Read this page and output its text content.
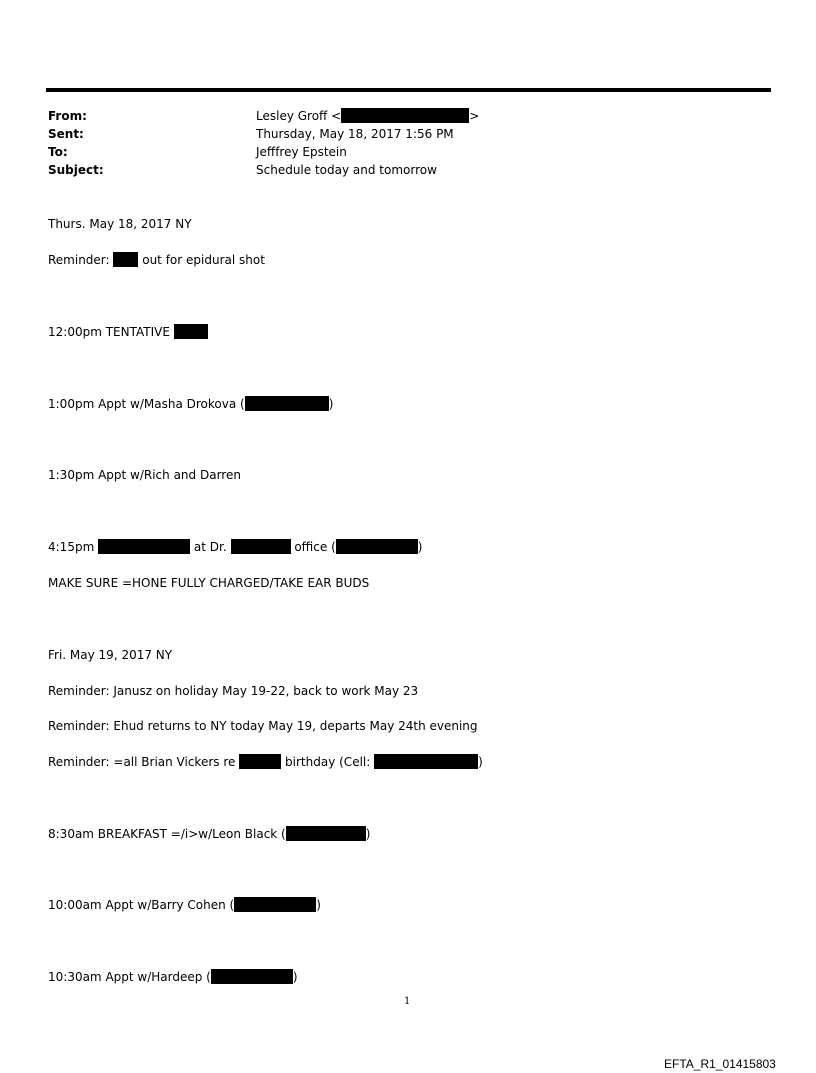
From:	Lesley Groff <	>
Sent:	Thursday, May 18, 2017 1:56 PM
To:	Jefffrey Epstein
Subject:	Schedule today and tomorrow
Thurs. May 18, 2017 NY
Reminder:	out for epidural shot
12:00pm TENTATIVE
1:00pm Appt w/Masha Drokova (	)
1:30pm Appt w/Rich and Darren
4:15pm	at Dr.	office (	)
MAKE SURE =HONE FULLY CHARGED/TAKE EAR BUDS
Fri. May 19, 2017 NY
Reminder: Janusz on holiday May 19-22, back to work May 23
Reminder: Ehud returns to NY today May 19, departs May 24th evening
Reminder: =all Brian Vickers re	birthday (Cell:	)
8:30am BREAKFAST =/i>w/Leon Black (	)
10:00am Appt w/Barry Cohen (	)
10:30am Appt w/Hardeep (	)
1
EFTA_R1_01415803
